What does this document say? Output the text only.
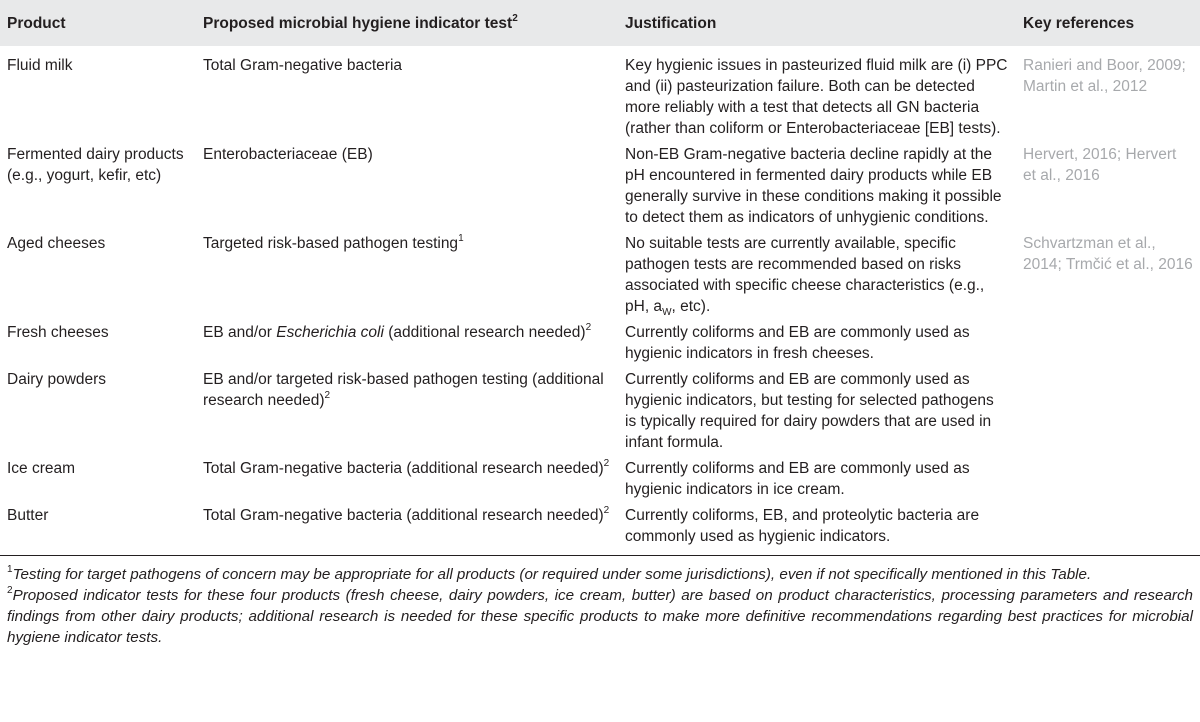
Product	Proposed microbial hygiene indicator test$^2$	Justification	Key references
Fluid milk	Total Gram-negative bacteria	Key hygienic issues in pasteurized fluid milk are (i) PPC and (ii) pasteurization failure. Both can be detected more reliably with a test that detects all GN bacteria (rather than coliform or Enterobacteriaceae [EB] tests).	Ranieri and Boor, 2009; Martin et al., 2012
Fermented dairy products (e.g., yogurt, kefir, etc)	Enterobacteriaceae (EB)	Non-EB Gram-negative bacteria decline rapidly at the pH encountered in fermented dairy products while EB generally survive in these conditions making it possible to detect them as indicators of unhygienic conditions.	Hervert, 2016; Hervert et al., 2016
Aged cheeses	Targeted risk-based pathogen testing$^1$	No suitable tests are currently available, specific pathogen tests are recommended based on risks associated with specific cheese characteristics (e.g., pH, $a_W$, etc).	Schvartzman et al., 2014; Trmčić et al., 2016
Fresh cheeses	EB and/or Escherichia coli (additional research needed)$^2$	Currently coliforms and EB are commonly used as hygienic indicators in fresh cheeses.	
Dairy powders	EB and/or targeted risk-based pathogen testing (additional research needed)$^2$	Currently coliforms and EB are commonly used as hygienic indicators, but testing for selected pathogens is typically required for dairy powders that are used in infant formula.	
Ice cream	Total Gram-negative bacteria (additional research needed)$^2$	Currently coliforms and EB are commonly used as hygienic indicators in ice cream.	
Butter	Total Gram-negative bacteria (additional research needed)$^2$	Currently coliforms, EB, and proteolytic bacteria are commonly used as hygienic indicators.	

$^1$Testing for target pathogens of concern may be appropriate for all products (or required under some jurisdictions), even if not specifically mentioned in this Table.

$^2$Proposed indicator tests for these four products (fresh cheese, dairy powders, ice cream, butter) are based on product characteristics, processing parameters and research findings from other dairy products; additional research is needed for these specific products to make more definitive recommendations regarding best practices for microbial hygiene indicator tests.
